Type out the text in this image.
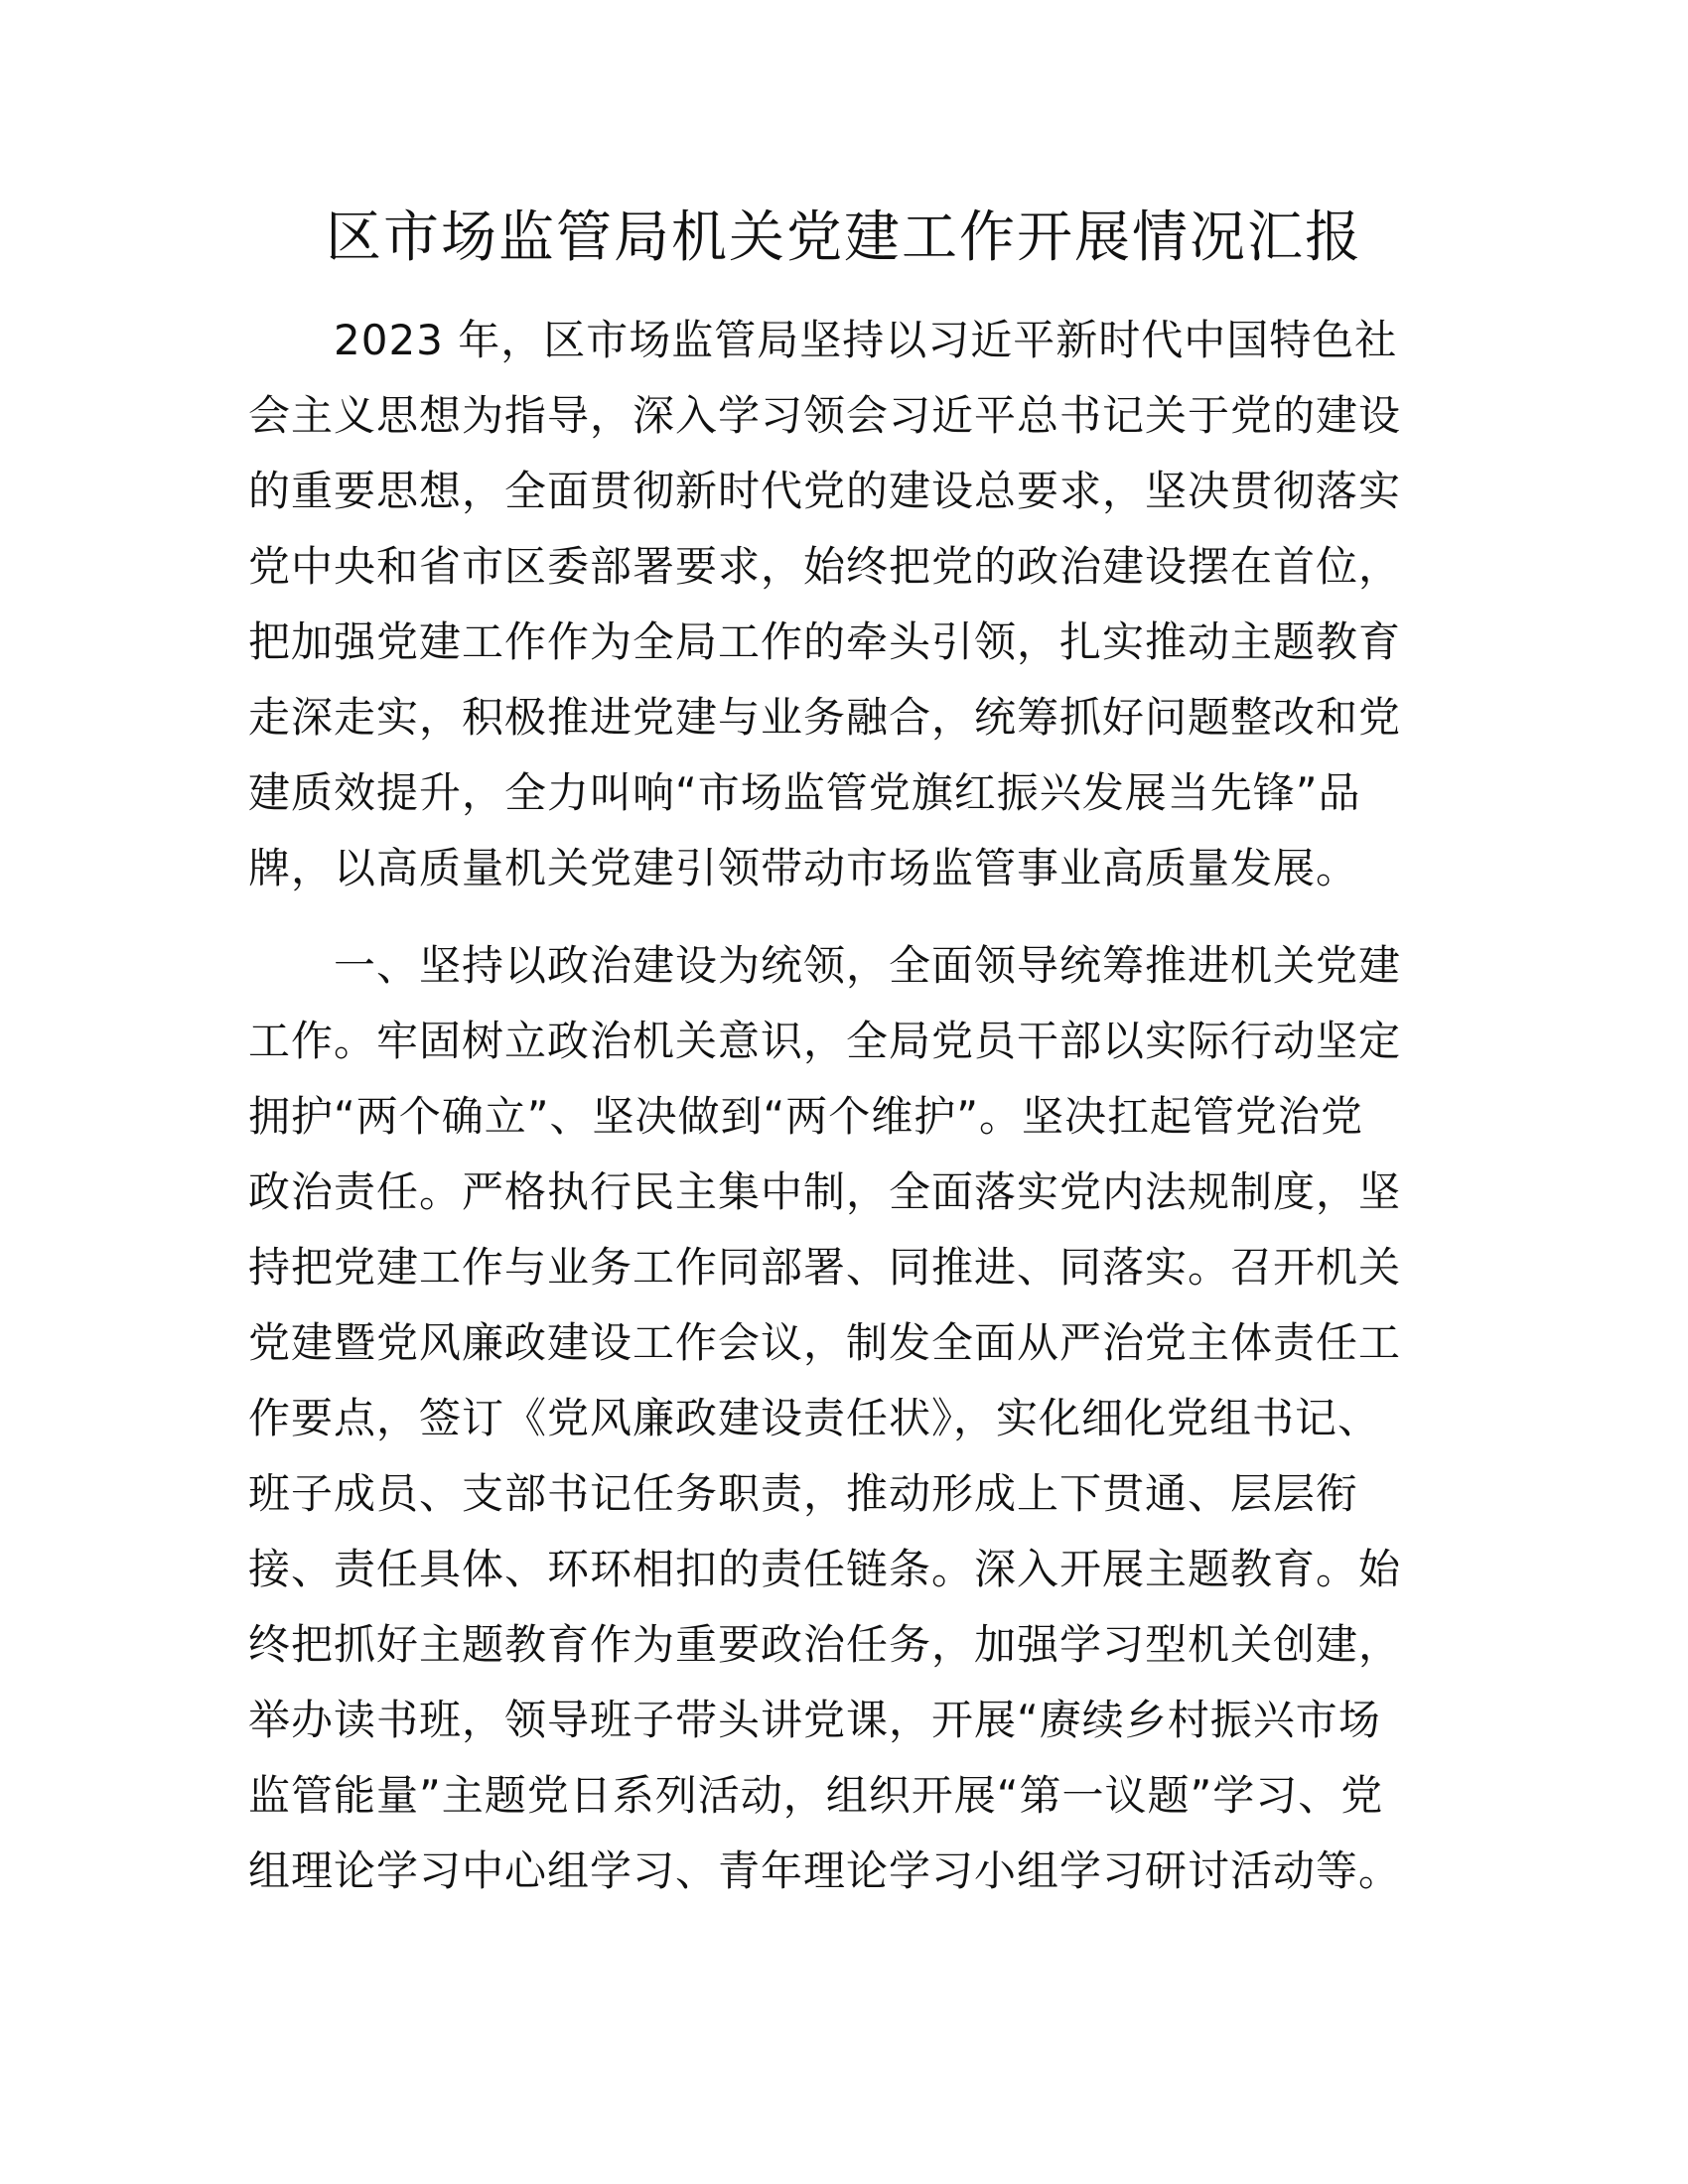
区市场监管局机关党建工作开展情况汇报
　　2023 年，区市场监管局坚持以习近平新时代中国特色社
会主义思想为指导，深入学习领会习近平总书记关于党的建设
的重要思想，全面贯彻新时代党的建设总要求，坚决贯彻落实
党中央和省市区委部署要求，始终把党的政治建设摆在首位，
把加强党建工作作为全局工作的牵头引领，扎实推动主题教育
走深走实，积极推进党建与业务融合，统筹抓好问题整改和党
建质效提升，全力叫响“市场监管党旗红振兴发展当先锋”品
牌，以高质量机关党建引领带动市场监管事业高质量发展。
　　一、坚持以政治建设为统领，全面领导统筹推进机关党建
工作。牢固树立政治机关意识，全局党员干部以实际行动坚定
拥护“两个确立”、坚决做到“两个维护”。坚决扛起管党治党
政治责任。严格执行民主集中制，全面落实党内法规制度，坚
持把党建工作与业务工作同部署、同推进、同落实。召开机关
党建暨党风廉政建设工作会议，制发全面从严治党主体责任工
作要点，签订《党风廉政建设责任状》，实化细化党组书记、
班子成员、支部书记任务职责，推动形成上下贯通、层层衔
接、责任具体、环环相扣的责任链条。深入开展主题教育。始
终把抓好主题教育作为重要政治任务，加强学习型机关创建，
举办读书班，领导班子带头讲党课，开展“赓续乡村振兴市场
监管能量”主题党日系列活动，组织开展“第一议题”学习、党
组理论学习中心组学习、青年理论学习小组学习研讨活动等。
